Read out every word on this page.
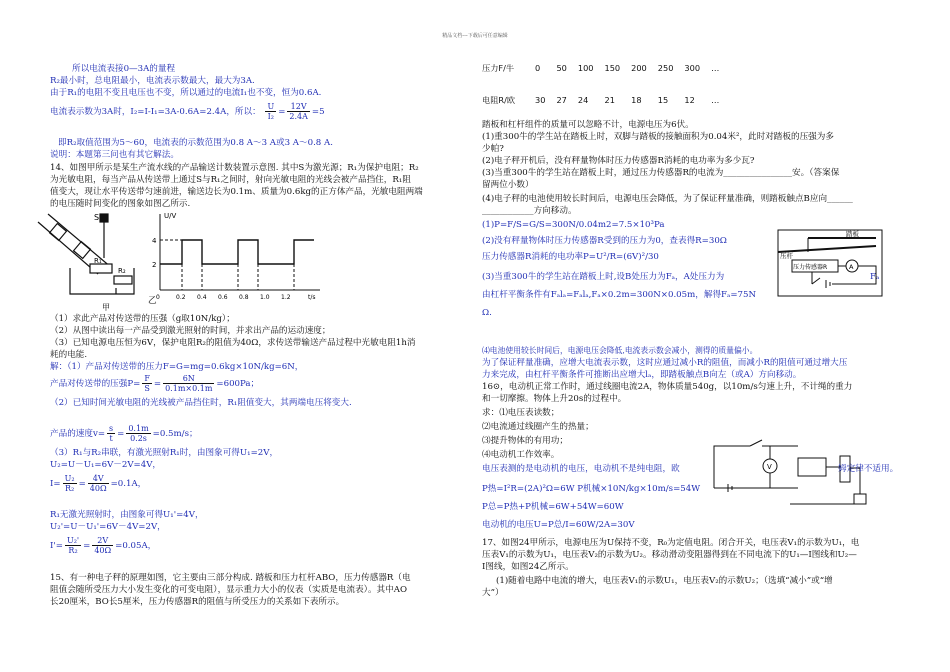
精品文档---下载后可任意编辑
所以电流表接0—3A的量程
R₂最小时，总电阻最小，电流表示数最大，最大为3A.
由于R₁的电阻不变且电压也不变，所以通过的电流I₁也不变，恒为0.6A.
电流表示数为3A时，I₂=I-I₁=3A-0.6A=2.4A，所以： $\frac{U}{\text{I₂}} = \frac{12V}{2.4A} =5$
即R₂取值范围为5～60，电流表的示数范围为0.8 A～3 A或3 A～0.8 A.
说明：本题第三问也有其它解法。
14、如图甲所示是某生产流水线的产品输送计数装置示意图. 其中S为激光源；R₁为保护电阻；R₂
为光敏电阻，每当产品从传送带上通过S与R₁之间时，射向光敏电阻的光线会被产品挡住，R₁阻
值变大，现让水平传送带匀速前进，输送边长为0.1m、质量为0.6kg的正方体产品，光敏电阻两端
的电压随时间变化的图象如图乙所示.
S
R₁
R₂
甲
U/V
4
2
0	0.2 0.4 0.6 0.8 1.0 1.2	t/s
乙
（1）求此产品对传送带的压强（g取10N/kg）；
（2）从图中读出每一产品受到激光照射的时间，并求出产品的运动速度；
（3）已知电源电压恒为6V，保护电阻R₂的阻值为40Ω，求传送带输送产品过程中光敏电阻1h消
耗的电能.
解：（1）产品对传送带的压力F=G=mg=0.6kg×10N/kg=6N，
产品对传送带的压强$P= \frac{F}{S} = \frac{6N}{0.1m\times 0.1m} =600Pa$；
（2）已知时间光敏电阻的光线被产品挡住时，R₁阻值变大，其两端电压将变大.
产品的速度$v= \frac{s}{t} = \frac{0.1m}{0.2s} =0.5m/s$；
（3）R₁与R₂串联，有激光照射R₁时，由图象可得U₁=2V，
U₂=U－U₁=6V－2V=4V，
$I= \frac{\text{U₂}}{\text{R₂}} = \frac{4V}{40\Omega} =0.1A$，
R₁无激光照射时，由图象可得U₁'=4V，
U₂'=U－U₁'=6V－4V=2V，
$I'= \frac{\text{U₂'}}{\text{R₂}} = \frac{2V}{40\Omega} =0.05A$，
15、有一种电子秤的原理如图，它主要由三部分构成. 踏板和压力杠杆ABO，压力传感器R（电
阻值会随所受压力大小发生变化的可变电阻），显示重力大小的仪表（实质是电流表）。其中AO
长20厘米，BO长5厘米，压力传感器R的阻值与所受压力的关系如下表所示。
压力F/牛	0	50	100	150	200	250	300	…

电阻R/欧	30	27	24	21	18	15	12	…
踏板和杠杆组件的质量可以忽略不计，电源电压为6伏。
(1)重300牛的学生站在踏板上时，双脚与踏板的接触面积为0.04米²，此时对踏板的压强为多
少帕?
(2)电子秤开机后，没有秤量物体时压力传感器R消耗的电功率为多少瓦?
(3)当重300牛的学生站在踏板上时，通过压力传感器R的电流为________________安。（答案保
留两位小数）
(4)电子秤的电池使用较长时间后，电源电压会降低，为了保证秤量准确，则踏板触点B应向______
____________方向移动。
(1)P=F/S=G/S=300N/0.04m2=7.5×10³Pa
(2)没有秤量物体时压力传感器R受到的压力为0，查表得R=30Ω
压力传感器R消耗的电功率P=U²/R=(6V)²/30
(3)当重300牛的学生站在踏板上时,设B处压力为Fₐ，A处压力为	Fₐ
由杠杆平衡条件有Fₐlₐ=Fₐlₐ,Fₐ×0.2m=300N×0.05m，解得Fₐ=75N
Ω.
踏板
压杆
压力传感器R	A
⑷电池使用较长时间后，电源电压会降低,电流表示数会减小，测得的质量偏小。
为了保证秤量准确，应增大电流表示数，这时应通过减小R的阻值，而减小R的阻值可通过增大压
力来完成，由杠杆平衡条件可推断出应增大lₐ，即踏板触点B向左（或A）方向移动。
16⊙，电动机正常工作时，通过线圈电流2A，物体质量540g，以10m/s匀速上升，不计绳的重力
和一切摩擦。物体上升20s的过程中。
求：⑴电压表读数；
⑵电流通过线圈产生的热量；
⑶提升物体的有用功；
⑷电动机工作效率。
V
电压表测的是电动机的电压，电动机不是纯电阻，欧	姆定律不适用。
P热=I²R=(2A)²Ω=6W P机械×10N/kg×10m/s=54W
P总=P热+P机械=6W+54W=60W
电动机的电压U=P总/I=60W/2A=30V
17、如图24甲所示，电源电压为U保持不变，R₀为定值电阻。闭合开关，电压表V₁的示数为U₁，电
压表V₁的示数为U₁，电压表V₂的示数为U₂。移动滑动变阻器得到在不同电流下的U₁—I图线和U₂—
I图线，如图24乙所示。
(1)随着电路中电流的增大，电压表V₁的示数U₁，电压表V₂的示数U₂；（选填“减小”或“增
大”）
